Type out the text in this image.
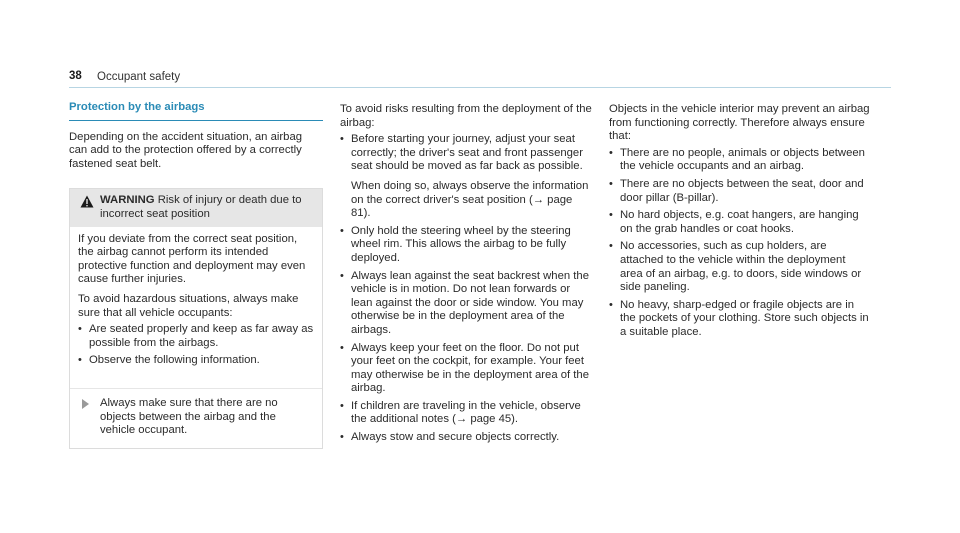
38 Occupant safety
Protection by the airbags

Depending on the accident situation, an airbag can add to the protection offered by a correctly fastened seat belt.

WARNING Risk of injury or death due to incorrect seat position

If you deviate from the correct seat position, the airbag cannot perform its intended protective function and deployment may even cause further injuries.

To avoid hazardous situations, always make sure that all vehicle occupants:

• Are seated properly and keep as far away as possible from the airbags.
• Observe the following information.

Always make sure that there are no objects between the airbag and the vehicle occupant.

To avoid risks resulting from the deployment of the airbag:

• Before starting your journey, adjust your seat correctly; the driver's seat and front passenger seat should be moved as far back as possible.

When doing so, always observe the information on the correct driver's seat position (→ page 81).

• Only hold the steering wheel by the steering wheel rim. This allows the airbag to be fully deployed.
• Always lean against the seat backrest when the vehicle is in motion. Do not lean forwards or lean against the door or side window. You may otherwise be in the deployment area of the airbags.
• Always keep your feet on the floor. Do not put your feet on the cockpit, for example. Your feet may otherwise be in the deployment area of the airbag.
• If children are traveling in the vehicle, observe the additional notes (→ page 45).
• Always stow and secure objects correctly.

Objects in the vehicle interior may prevent an airbag from functioning correctly. Therefore always ensure that:

• There are no people, animals or objects between the vehicle occupants and an airbag.
• There are no objects between the seat, door and door pillar (B-pillar).
• No hard objects, e.g. coat hangers, are hanging on the grab handles or coat hooks.
• No accessories, such as cup holders, are attached to the vehicle within the deployment area of an airbag, e.g. to doors, side windows or side paneling.
• No heavy, sharp-edged or fragile objects are in the pockets of your clothing. Store such objects in a suitable place.
